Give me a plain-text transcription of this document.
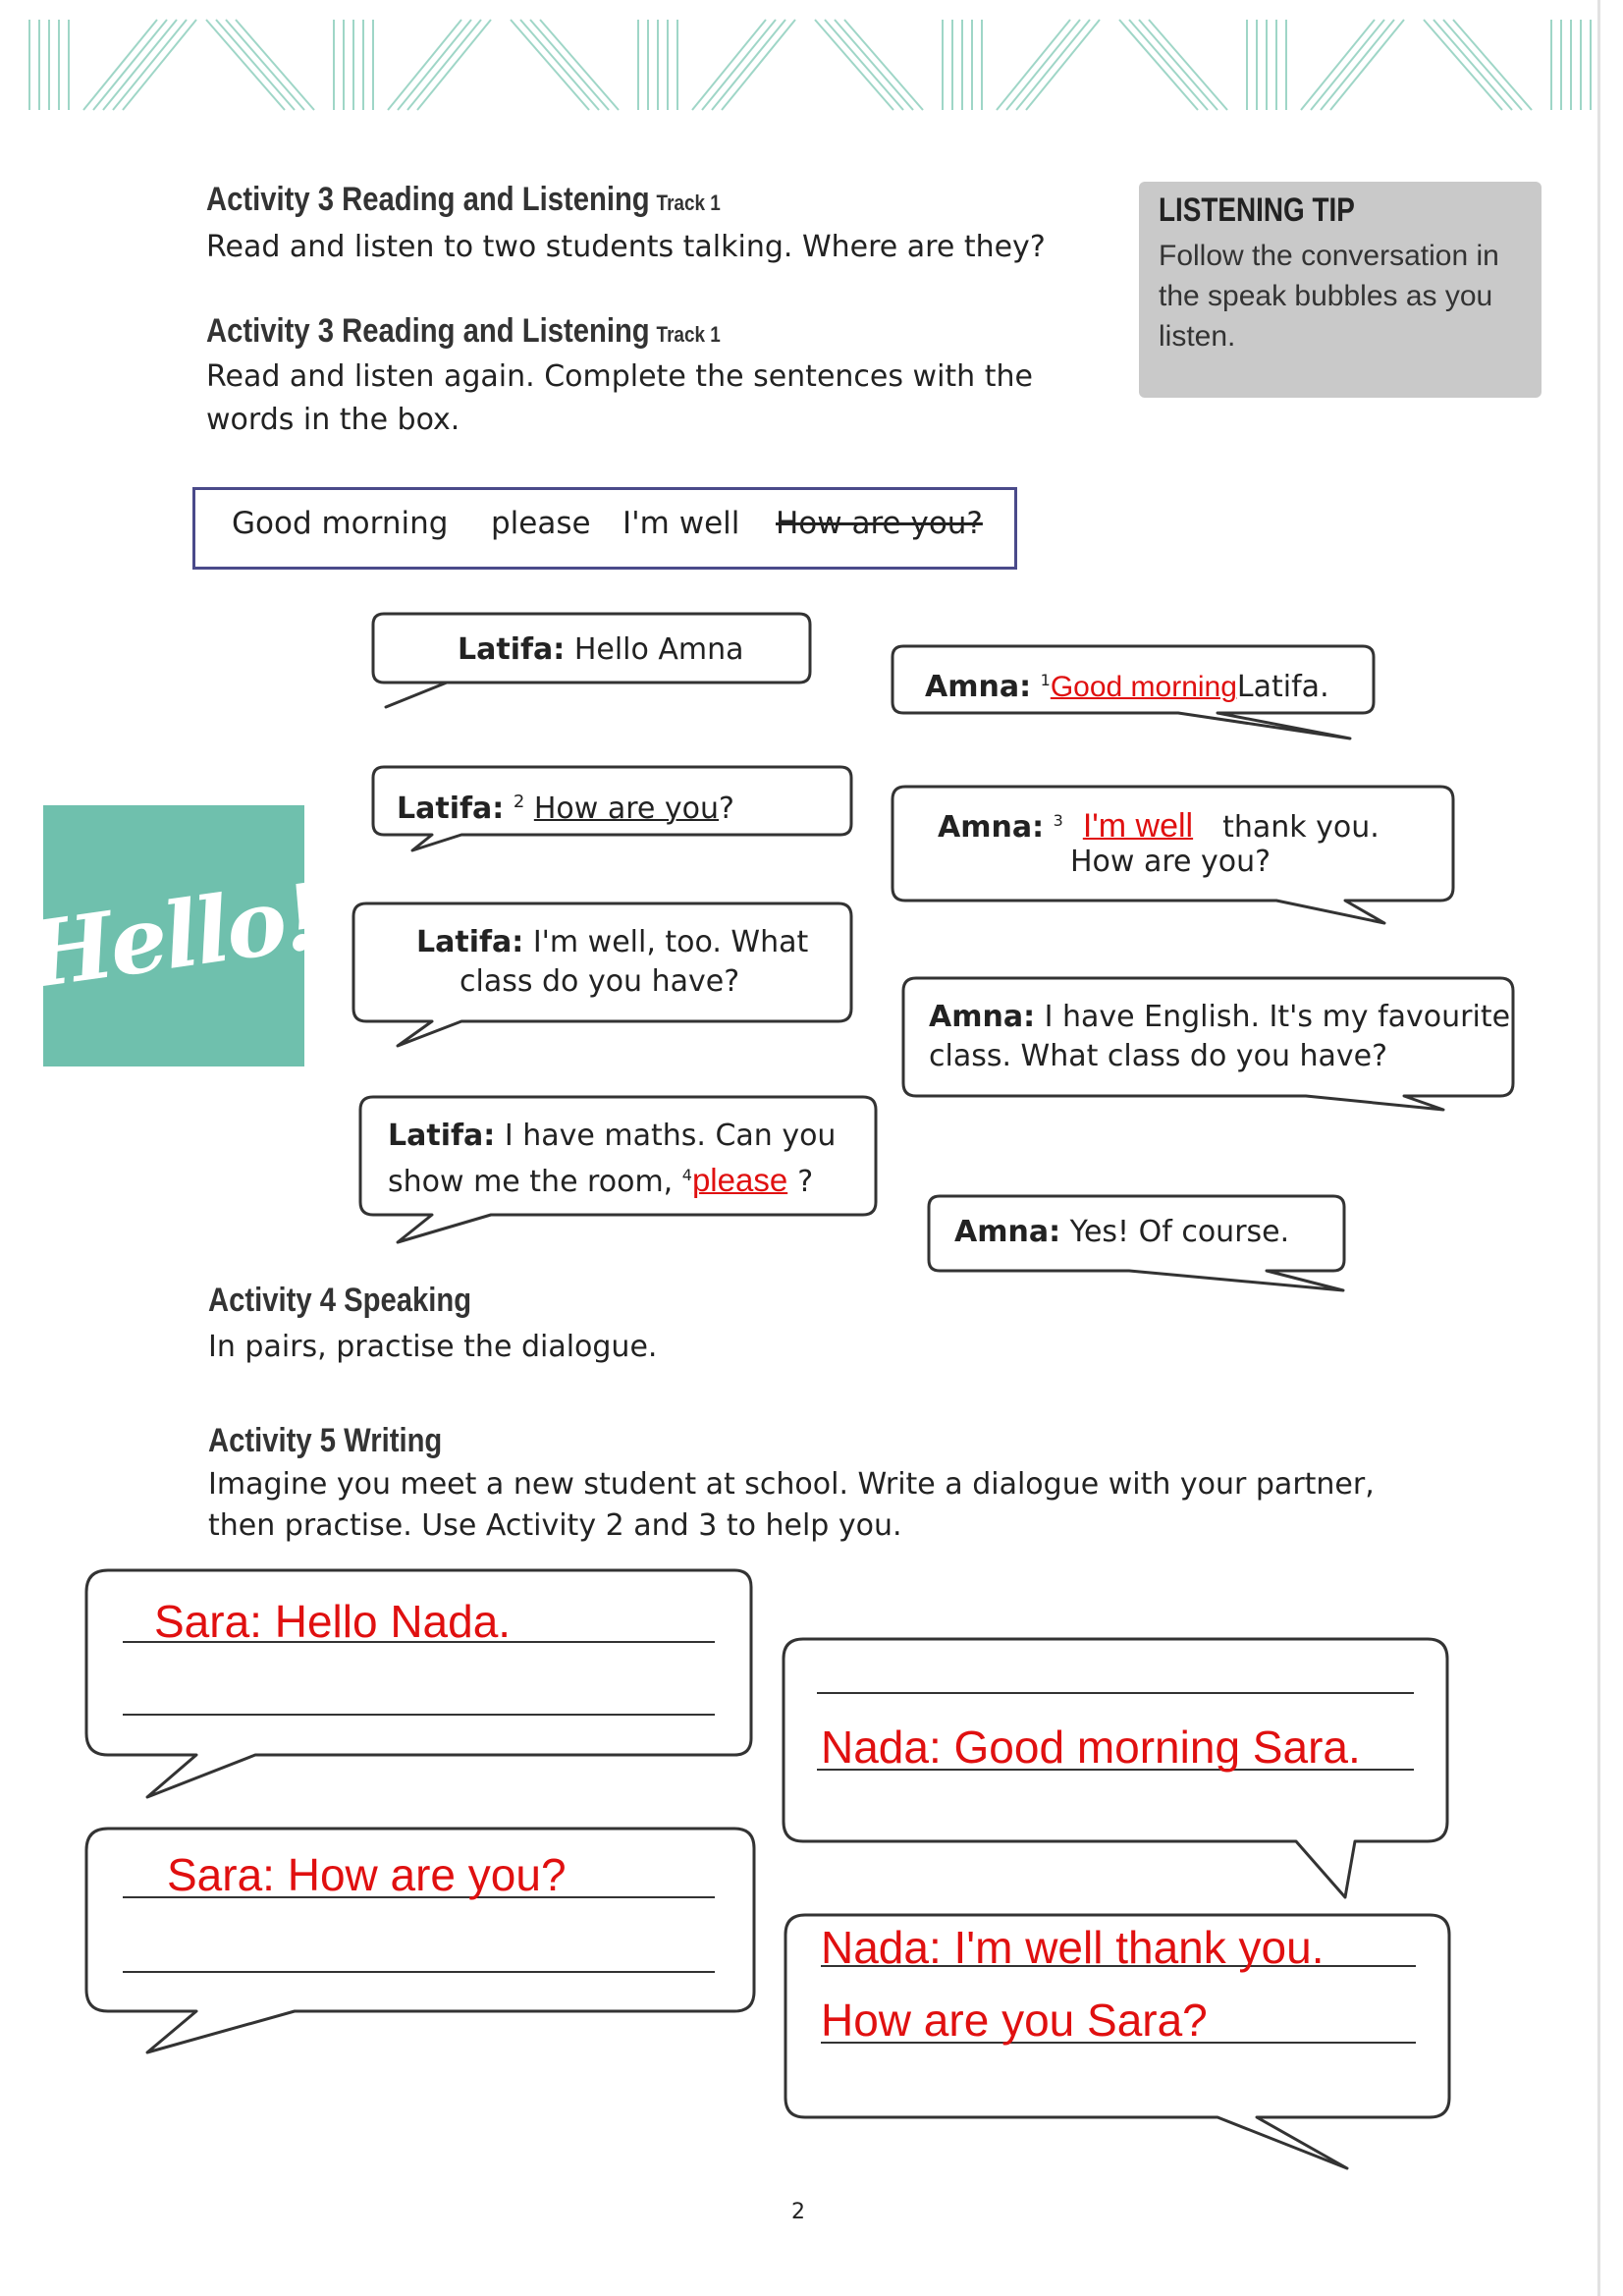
Activity 3 Reading and Listening Track 1
Read and listen to two students talking. Where are they?
Activity 3 Reading and Listening Track 1
Read and listen again. Complete the sentences with the
words in the box.
LISTENING TIP
Follow the conversation in the speak bubbles as you listen.
Good morning please I'm well How are you?
Hello!
Latifa: Hello Amna
Amna: $^1$Good morningLatifa.
Latifa: $^2$ How are you?
Amna: $^3$ I'm well thank you.
How are you?
Latifa: I'm well, too. What
class do you have?
Amna: I have English. It's my favourite
class. What class do you have?
Latifa: I have maths. Can you
show me the room, $^4$please ?
Amna: Yes! Of course.
Activity 4 Speaking
In pairs, practise the dialogue.
Activity 5 Writing
Imagine you meet a new student at school. Write a dialogue with your partner,
then practise. Use Activity 2 and 3 to help you.
Sara: Hello Nada.
Nada: Good morning Sara.
Sara: How are you?
Nada: I'm well thank you.
How are you Sara?
2
